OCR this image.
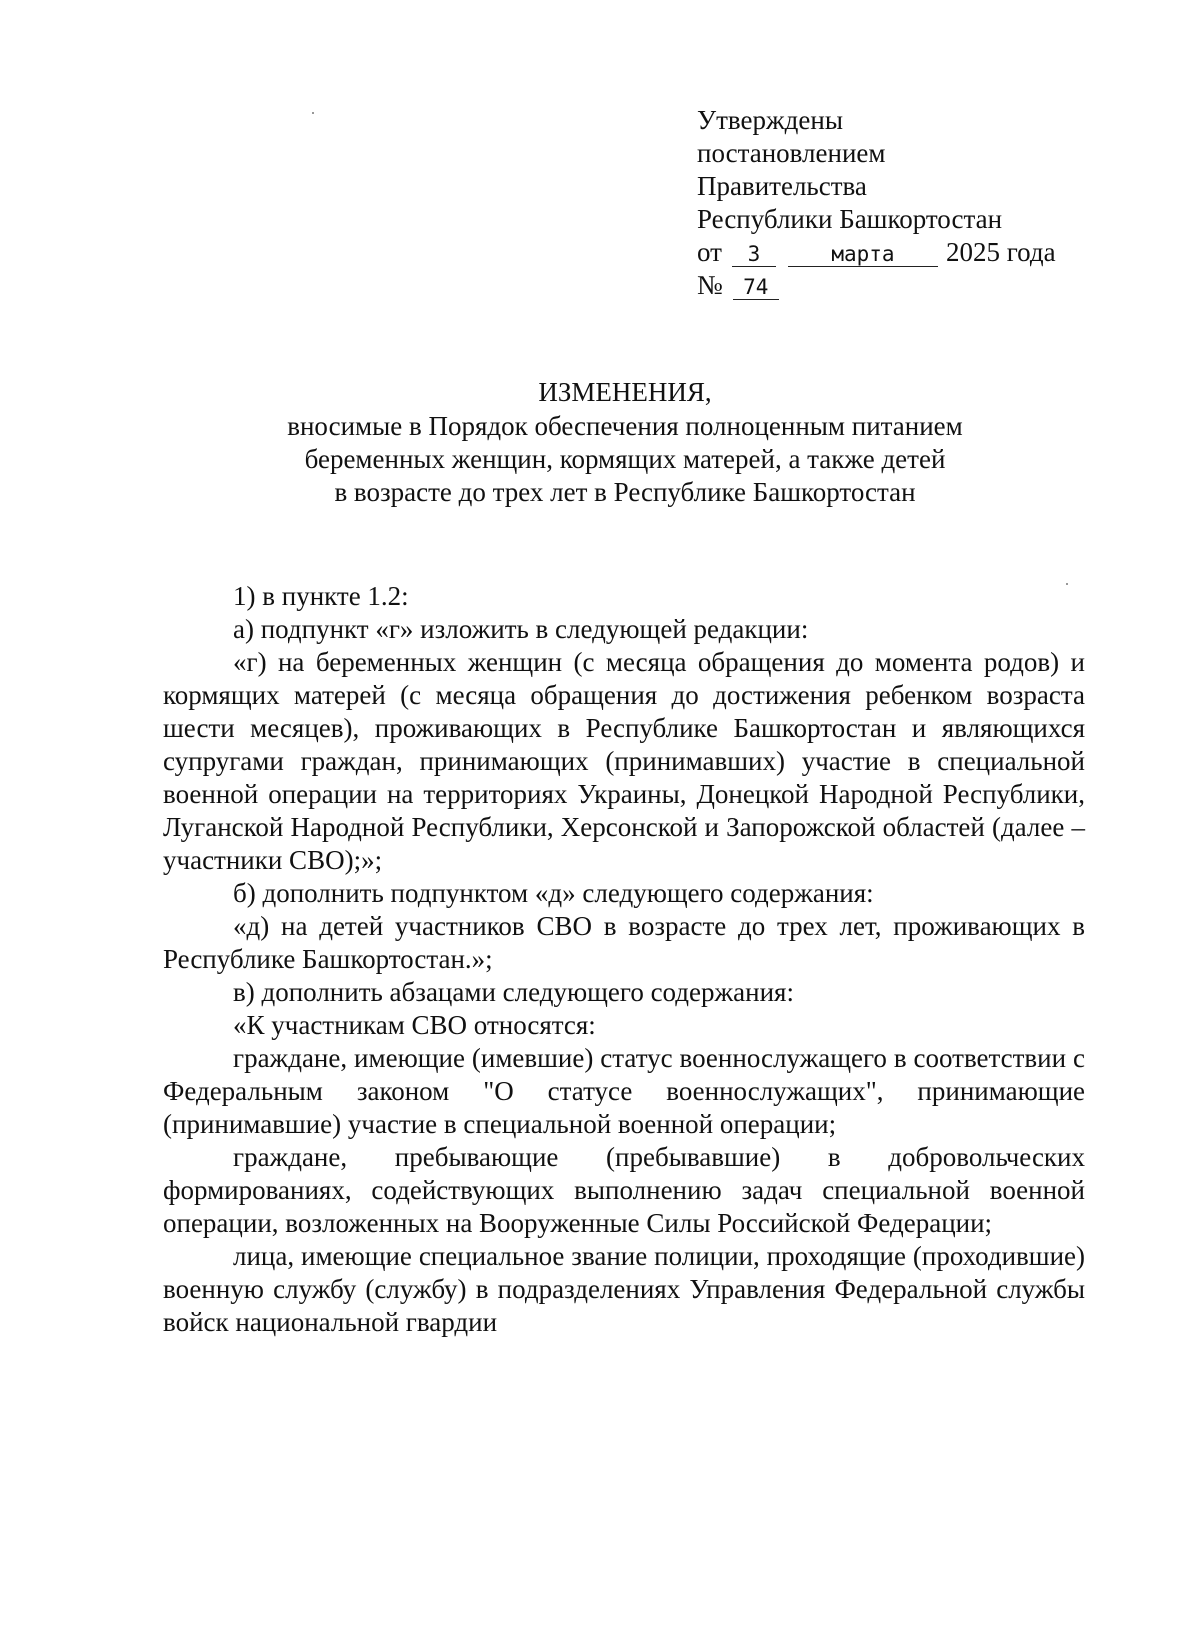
Утверждены
постановлением
Правительства
Республики Башкортостан
от 3	марта 2025 года
№ 74
ИЗМЕНЕНИЯ,
вносимые в Порядок обеспечения полноценным питанием
беременных женщин, кормящих матерей, а также детей
в возрасте до трех лет в Республике Башкортостан

1) в пункте 1.2:

а) подпункт «г» изложить в следующей редакции:

«г) на беременных женщин (с месяца обращения до момента родов) и кормящих матерей (с месяца обращения до достижения ребенком возраста шести месяцев), проживающих в Республике Башкортостан и являющихся супругами граждан, принимающих (принимавших) участие в специальной военной операции на территориях Украины, Донецкой Народной Республики, Луганской Народной Республики, Херсонской и Запорожской областей (далее – участники СВО);»;

б) дополнить подпунктом «д» следующего содержания:

«д) на детей участников СВО в возрасте до трех лет, проживающих в Республике Башкортостан.»;

в) дополнить абзацами следующего содержания:

«К участникам СВО относятся:

граждане, имеющие (имевшие) статус военнослужащего в соответствии с Федеральным законом "О статусе военнослужащих", принимающие (принимавшие) участие в специальной военной операции;

граждане, пребывающие (пребывавшие) в добровольческих формированиях, содействующих выполнению задач специальной военной операции, возложенных на Вооруженные Силы Российской Федерации;

лица, имеющие специальное звание полиции, проходящие (проходившие) военную службу (службу) в подразделениях Управления Федеральной службы войск национальной гвардии
